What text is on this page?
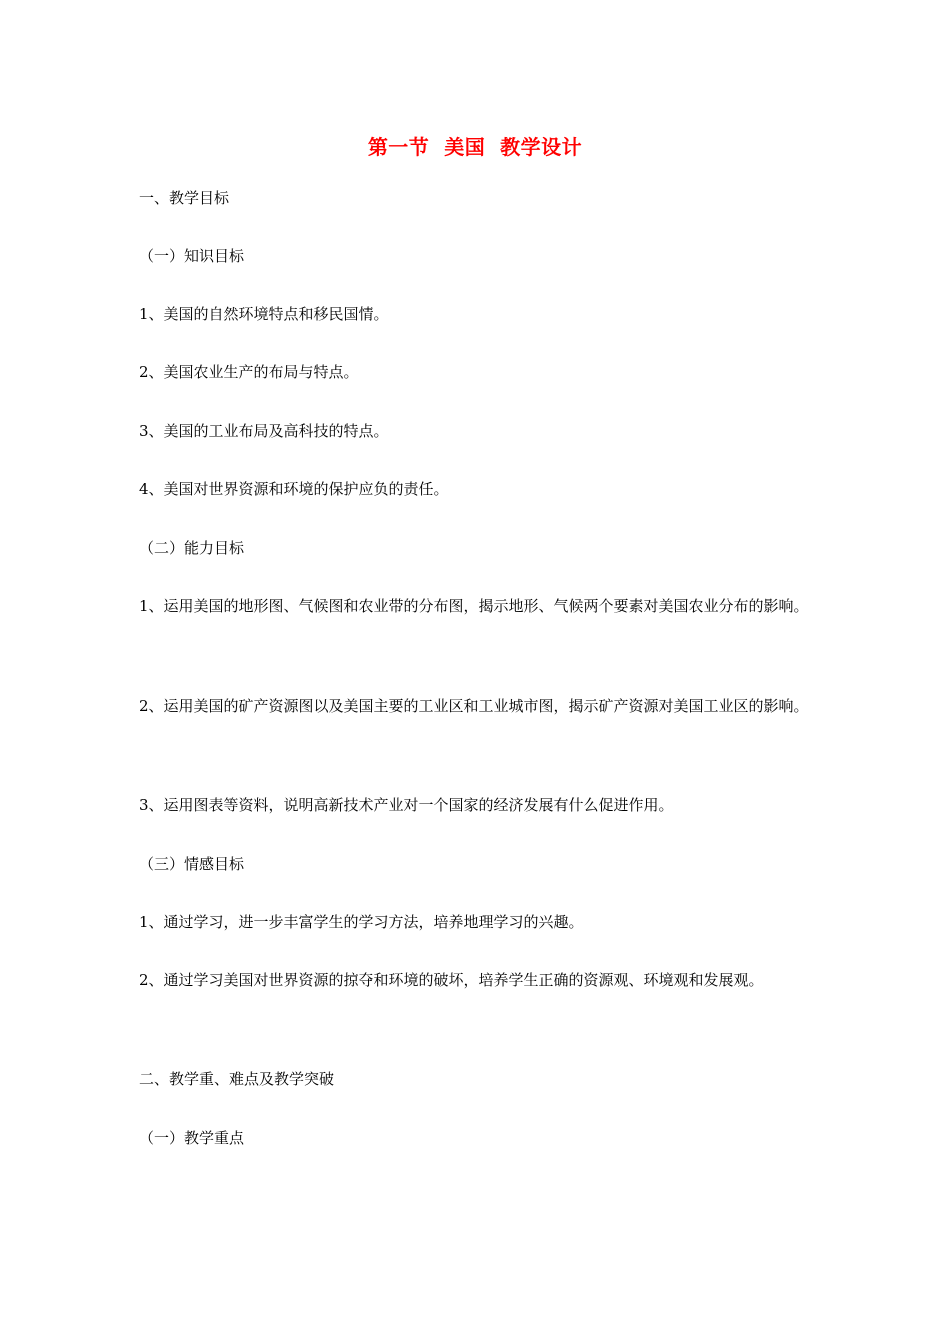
第一节  美国  教学设计

一、教学目标

（一）知识目标

1、美国的自然环境特点和移民国情。

2、美国农业生产的布局与特点。

3、美国的工业布局及高科技的特点。

4、美国对世界资源和环境的保护应负的责任。

（二）能力目标

1、运用美国的地形图、气候图和农业带的分布图，揭示地形、气候两个要素对美国农业分布的影响。

2、运用美国的矿产资源图以及美国主要的工业区和工业城市图，揭示矿产资源对美国工业区的影响。

3、运用图表等资料，说明高新技术产业对一个国家的经济发展有什么促进作用。

（三）情感目标

1、通过学习，进一步丰富学生的学习方法，培养地理学习的兴趣。

2、通过学习美国对世界资源的掠夺和环境的破坏，培养学生正确的资源观、环境观和发展观。

二、教学重、难点及教学突破

（一）教学重点
